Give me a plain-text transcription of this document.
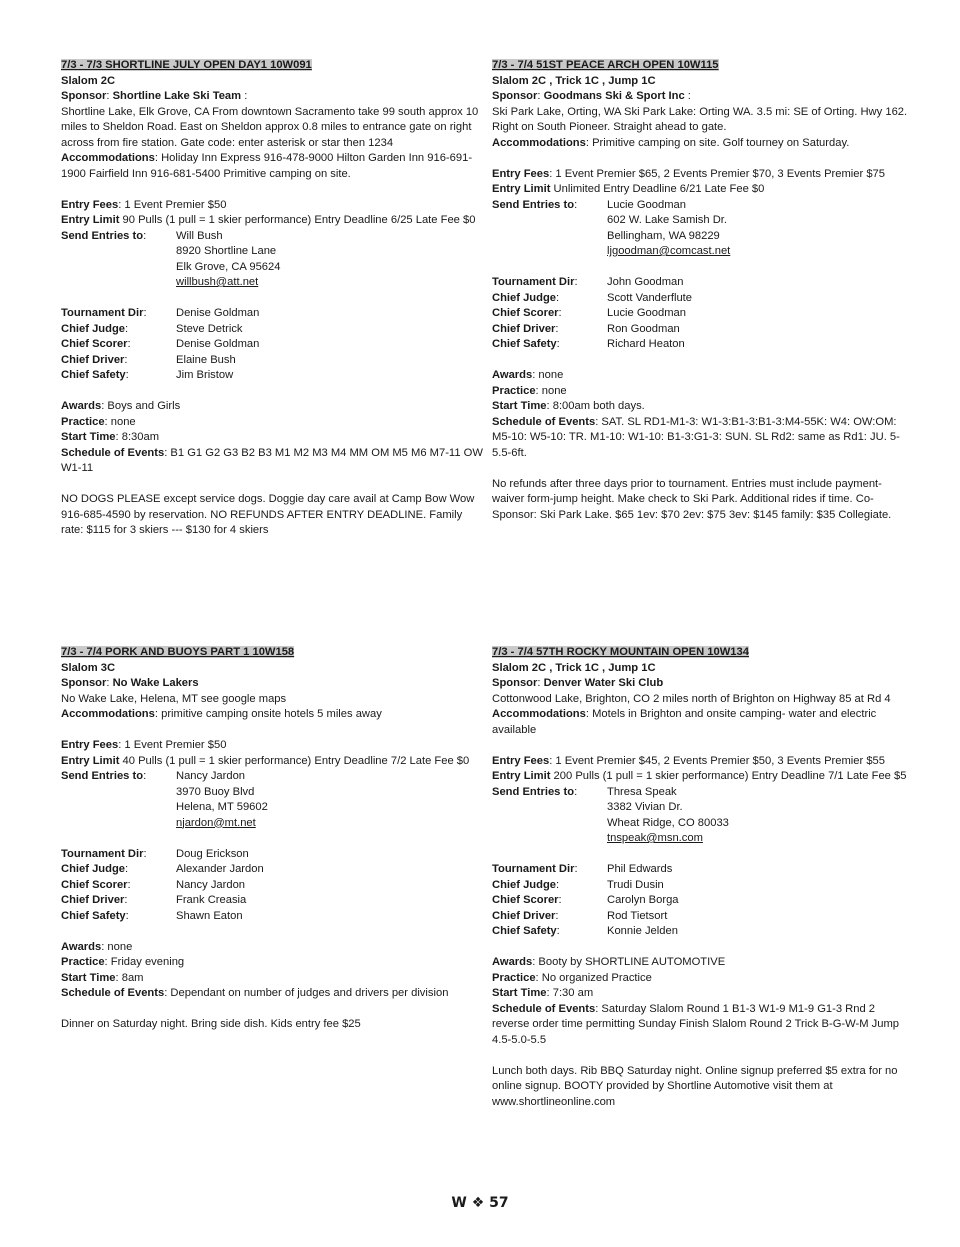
7/3 - 7/3 SHORTLINE JULY OPEN DAY1 10W091
Slalom 2C
Sponsor: Shortline Lake Ski Team :
Shortline Lake, Elk Grove, CA From downtown Sacramento take 99 south approx 10 miles to Sheldon Road. East on Sheldon approx 0.8 miles to entrance gate on right across from fire station. Gate code: enter asterisk or star then 1234
Accommodations: Holiday Inn Express 916-478-9000 Hilton Garden Inn 916-691-1900 Fairfield Inn 916-681-5400 Primitive camping on site.
Entry Fees: 1 Event Premier $50
Entry Limit 90 Pulls (1 pull = 1 skier performance) Entry Deadline 6/25 Late Fee $0
Send Entries to:	Will Bush
8920 Shortline Lane
Elk Grove, CA 95624
willbush@att.net
Tournament Dir:	Denise Goldman
Chief Judge:	Steve Detrick
Chief Scorer:	Denise Goldman
Chief Driver:	Elaine Bush
Chief Safety:	Jim Bristow
Awards: Boys and Girls
Practice: none
Start Time: 8:30am
Schedule of Events: B1 G1 G2 G3 B2 B3 M1 M2 M3 M4 MM OM M5 M6 M7-11 OW W1-11
NO DOGS PLEASE except service dogs. Doggie day care avail at Camp Bow Wow 916-685-4590 by reservation. NO REFUNDS AFTER ENTRY DEADLINE. Family rate: $115 for 3 skiers --- $130 for 4 skiers
7/3 - 7/4 51ST PEACE ARCH OPEN 10W115
Slalom 2C , Trick 1C , Jump 1C
Sponsor: Goodmans Ski & Sport Inc :
Ski Park Lake, Orting, WA Ski Park Lake: Orting WA. 3.5 mi: SE of Orting. Hwy 162. Right on South Pioneer. Straight ahead to gate.
Accommodations: Primitive camping on site. Golf tourney on Saturday.
Entry Fees: 1 Event Premier $65, 2 Events Premier $70, 3 Events Premier $75
Entry Limit Unlimited Entry Deadline 6/21 Late Fee $0
Send Entries to:	Lucie Goodman
602 W. Lake Samish Dr.
Bellingham, WA 98229
ljgoodman@comcast.net
Tournament Dir:	John Goodman
Chief Judge:	Scott Vanderflute
Chief Scorer:	Lucie Goodman
Chief Driver:	Ron Goodman
Chief Safety:	Richard Heaton
Awards: none
Practice: none
Start Time: 8:00am both days.
Schedule of Events: SAT. SL RD1-M1-3: W1-3:B1-3:B1-3:M4-55K: W4: OW:OM: M5-10: W5-10: TR. M1-10: W1-10: B1-3:G1-3: SUN. SL Rd2: same as Rd1: JU. 5-5.5-6ft.
No refunds after three days prior to tournament. Entries must include payment-waiver form-jump height. Make check to Ski Park. Additional rides if time. Co-Sponsor: Ski Park Lake. $65 1ev: $70 2ev: $75 3ev: $145 family: $35 Collegiate.
7/3 - 7/4 PORK AND BUOYS PART 1 10W158
Slalom 3C
Sponsor: No Wake Lakers
No Wake Lake, Helena, MT see google maps
Accommodations: primitive camping onsite hotels 5 miles away
Entry Fees: 1 Event Premier $50
Entry Limit 40 Pulls (1 pull = 1 skier performance) Entry Deadline 7/2 Late Fee $0
Send Entries to:	Nancy Jardon
3970 Buoy Blvd
Helena, MT 59602
njardon@mt.net
Tournament Dir:	Doug Erickson
Chief Judge:	Alexander Jardon
Chief Scorer:	Nancy Jardon
Chief Driver:	Frank Creasia
Chief Safety:	Shawn Eaton
Awards: none
Practice: Friday evening
Start Time: 8am
Schedule of Events: Dependant on number of judges and drivers per division
Dinner on Saturday night. Bring side dish. Kids entry fee $25
7/3 - 7/4 57TH ROCKY MOUNTAIN OPEN 10W134
Slalom 2C , Trick 1C , Jump 1C
Sponsor: Denver Water Ski Club
Cottonwood Lake, Brighton, CO 2 miles north of Brighton on Highway 85 at Rd 4
Accommodations: Motels in Brighton and onsite camping- water and electric available
Entry Fees: 1 Event Premier $45, 2 Events Premier $50, 3 Events Premier $55
Entry Limit 200 Pulls (1 pull = 1 skier performance) Entry Deadline 7/1 Late Fee $5
Send Entries to:	Thresa Speak
3382 Vivian Dr.
Wheat Ridge, CO 80033
tnspeak@msn.com
Tournament Dir:	Phil Edwards
Chief Judge:	Trudi Dusin
Chief Scorer:	Carolyn Borga
Chief Driver:	Rod Tietsort
Chief Safety:	Konnie Jelden
Awards: Booty by SHORTLINE AUTOMOTIVE
Practice: No organized Practice
Start Time: 7:30 am
Schedule of Events: Saturday Slalom Round 1 B1-3 W1-9 M1-9 G1-3 Rnd 2 reverse order time permitting Sunday Finish Slalom Round 2 Trick B-G-W-M Jump 4.5-5.0-5.5
Lunch both days. Rib BBQ Saturday night. Online signup preferred $5 extra for no online signup. BOOTY provided by Shortline Automotive visit them at www.shortlineonline.com
W ❖ 57
